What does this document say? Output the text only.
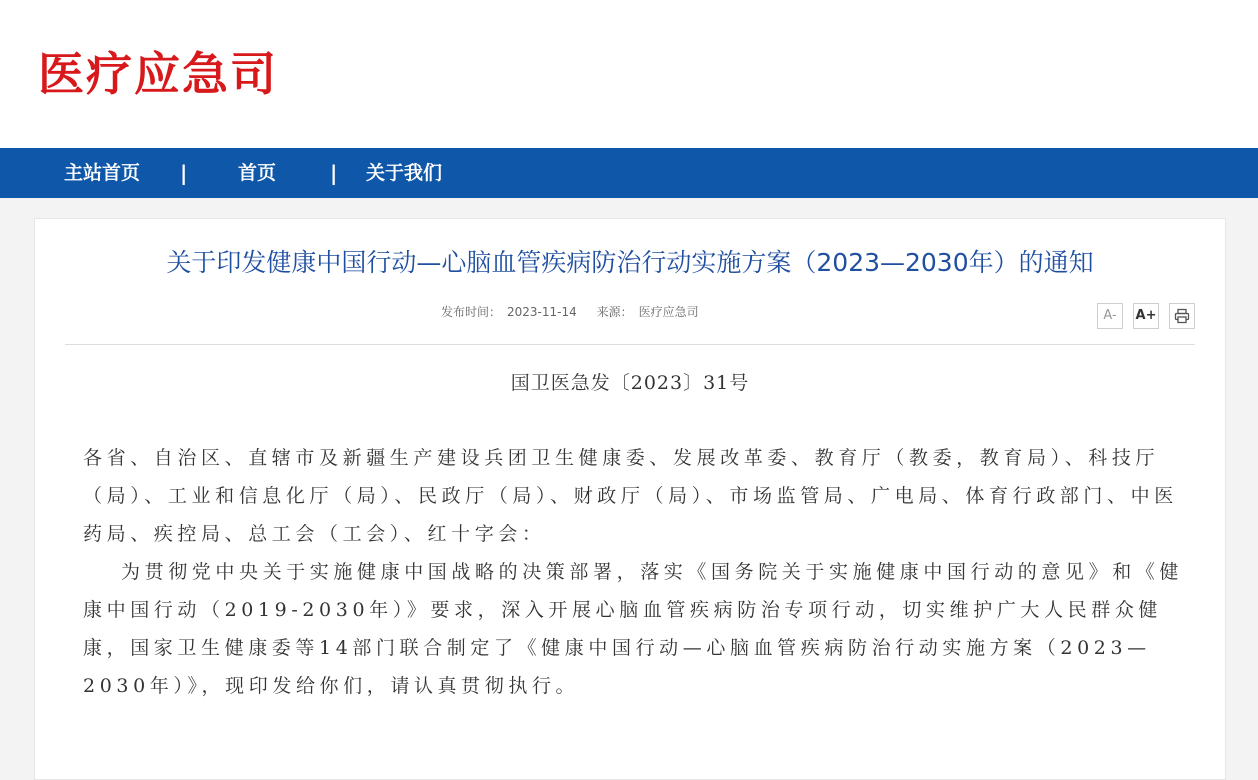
医疗应急司
主站首页 |	首页	| 关于我们
关于印发健康中国行动—心脑血管疾病防治行动实施方案（2023—2030年）的通知
发布时间： 2023-11-14 来源： 医疗应急司	A-	A+
国卫医急发〔2023〕31号

各省、自治区、直辖市及新疆生产建设兵团卫生健康委、发展改革委、教育厅（教委，教育局）、科技厅（局）、工业和信息化厅（局）、民政厅（局）、财政厅（局）、市场监管局、广电局、体育行政部门、中医药局、疾控局、总工会（工会）、红十字会：

为贯彻党中央关于实施健康中国战略的决策部署，落实《国务院关于实施健康中国行动的意见》和《健康中国行动（2019-2030年）》要求，深入开展心脑血管疾病防治专项行动，切实维护广大人民群众健康，国家卫生健康委等14部门联合制定了《健康中国行动—心脑血管疾病防治行动实施方案（2023—2030年）》，现印发给你们，请认真贯彻执行。
